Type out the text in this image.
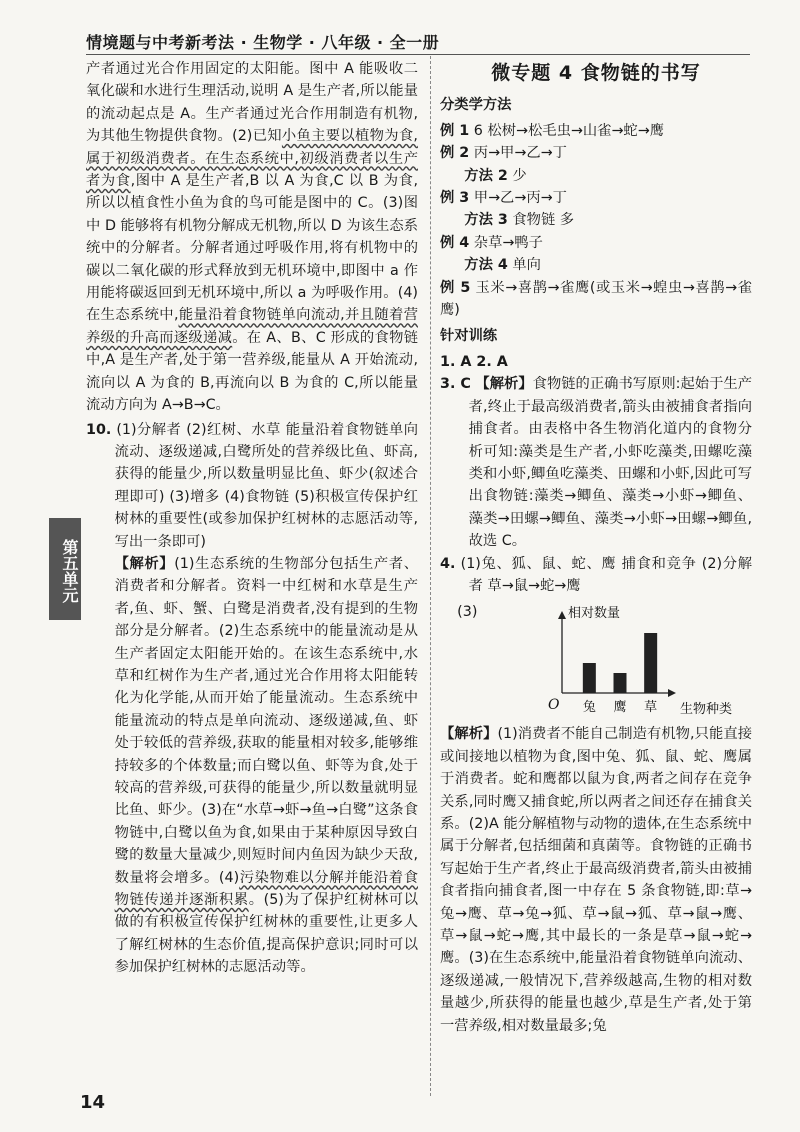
情境题与中考新考法 · 生物学 · 八年级 · 全一册
第五单元
14

产者通过光合作用固定的太阳能。图中 A 能吸收二氧化碳和水进行生理活动,说明 A 是生产者,所以能量的流动起点是 A。生产者通过光合作用制造有机物,为其他生物提供食物。(2)已知小鱼主要以植物为食,属于初级消费者。在生态系统中,初级消费者以生产者为食,图中 A 是生产者,B 以 A 为食,C 以 B 为食,所以以植食性小鱼为食的鸟可能是图中的 C。(3)图中 D 能够将有机物分解成无机物,所以 D 为该生态系统中的分解者。分解者通过呼吸作用,将有机物中的碳以二氧化碳的形式释放到无机环境中,即图中 a 作用能将碳返回到无机环境中,所以 a 为呼吸作用。(4)在生态系统中,能量沿着食物链单向流动,并且随着营养级的升高而逐级递减。在 A、B、C 形成的食物链中,A 是生产者,处于第一营养级,能量从 A 开始流动,流向以 A 为食的 B,再流向以 B 为食的 C,所以能量流动方向为 A→B→C。

10. (1)分解者 (2)红树、水草 能量沿着食物链单向流动、逐级递减,白鹭所处的营养级比鱼、虾高,获得的能量少,所以数量明显比鱼、虾少(叙述合理即可) (3)增多 (4)食物链 (5)积极宣传保护红树林的重要性(或参加保护红树林的志愿活动等,写出一条即可)

【解析】(1)生态系统的生物部分包括生产者、消费者和分解者。资料一中红树和水草是生产者,鱼、虾、蟹、白鹭是消费者,没有提到的生物部分是分解者。(2)生态系统中的能量流动是从生产者固定太阳能开始的。在该生态系统中,水草和红树作为生产者,通过光合作用将太阳能转化为化学能,从而开始了能量流动。生态系统中能量流动的特点是单向流动、逐级递减,鱼、虾处于较低的营养级,获取的能量相对较多,能够维持较多的个体数量;而白鹭以鱼、虾等为食,处于较高的营养级,可获得的能量少,所以数量就明显比鱼、虾少。(3)在“水草→虾→鱼→白鹭”这条食物链中,白鹭以鱼为食,如果由于某种原因导致白鹭的数量大量减少,则短时间内鱼因为缺少天敌,数量将会增多。(4)污染物难以分解并能沿着食物链传递并逐渐积累。(5)为了保护红树林可以做的有积极宣传保护红树林的重要性,让更多人了解红树林的生态价值,提高保护意识;同时可以参加保护红树林的志愿活动等。

微专题 4 食物链的书写

分类学方法

例 1 6 松树→松毛虫→山雀→蛇→鹰

例 2 丙→甲→乙→丁

方法 2 少

例 3 甲→乙→丙→丁

方法 3 食物链 多

例 4 杂草→鸭子

方法 4 单向

例 5 玉米→喜鹊→雀鹰(或玉米→蝗虫→喜鹊→雀鹰)

针对训练

1. A 2. A

3. C 【解析】食物链的正确书写原则:起始于生产者,终止于最高级消费者,箭头由被捕食者指向捕食者。由表格中各生物消化道内的食物分析可知:藻类是生产者,小虾吃藻类,田螺吃藻类和小虾,鲫鱼吃藻类、田螺和小虾,因此可写出食物链:藻类→鲫鱼、藻类→小虾→鲫鱼、藻类→田螺→鲫鱼、藻类→小虾→田螺→鲫鱼,故选 C。

4. (1)兔、狐、鼠、蛇、鹰 捕食和竞争 (2)分解者 草→鼠→蛇→鹰

(3)	相对数量
生物种类
O 兔 鹰 草

【解析】(1)消费者不能自己制造有机物,只能直接或间接地以植物为食,图中兔、狐、鼠、蛇、鹰属于消费者。蛇和鹰都以鼠为食,两者之间存在竞争关系,同时鹰又捕食蛇,所以两者之间还存在捕食关系。(2)A 能分解植物与动物的遗体,在生态系统中属于分解者,包括细菌和真菌等。食物链的正确书写起始于生产者,终止于最高级消费者,箭头由被捕食者指向捕食者,图一中存在 5 条食物链,即:草→兔→鹰、草→兔→狐、草→鼠→狐、草→鼠→鹰、草→鼠→蛇→鹰,其中最长的一条是草→鼠→蛇→鹰。(3)在生态系统中,能量沿着食物链单向流动、逐级递减,一般情况下,营养级越高,生物的相对数量越少,所获得的能量也越少,草是生产者,处于第一营养级,相对数量最多;兔
